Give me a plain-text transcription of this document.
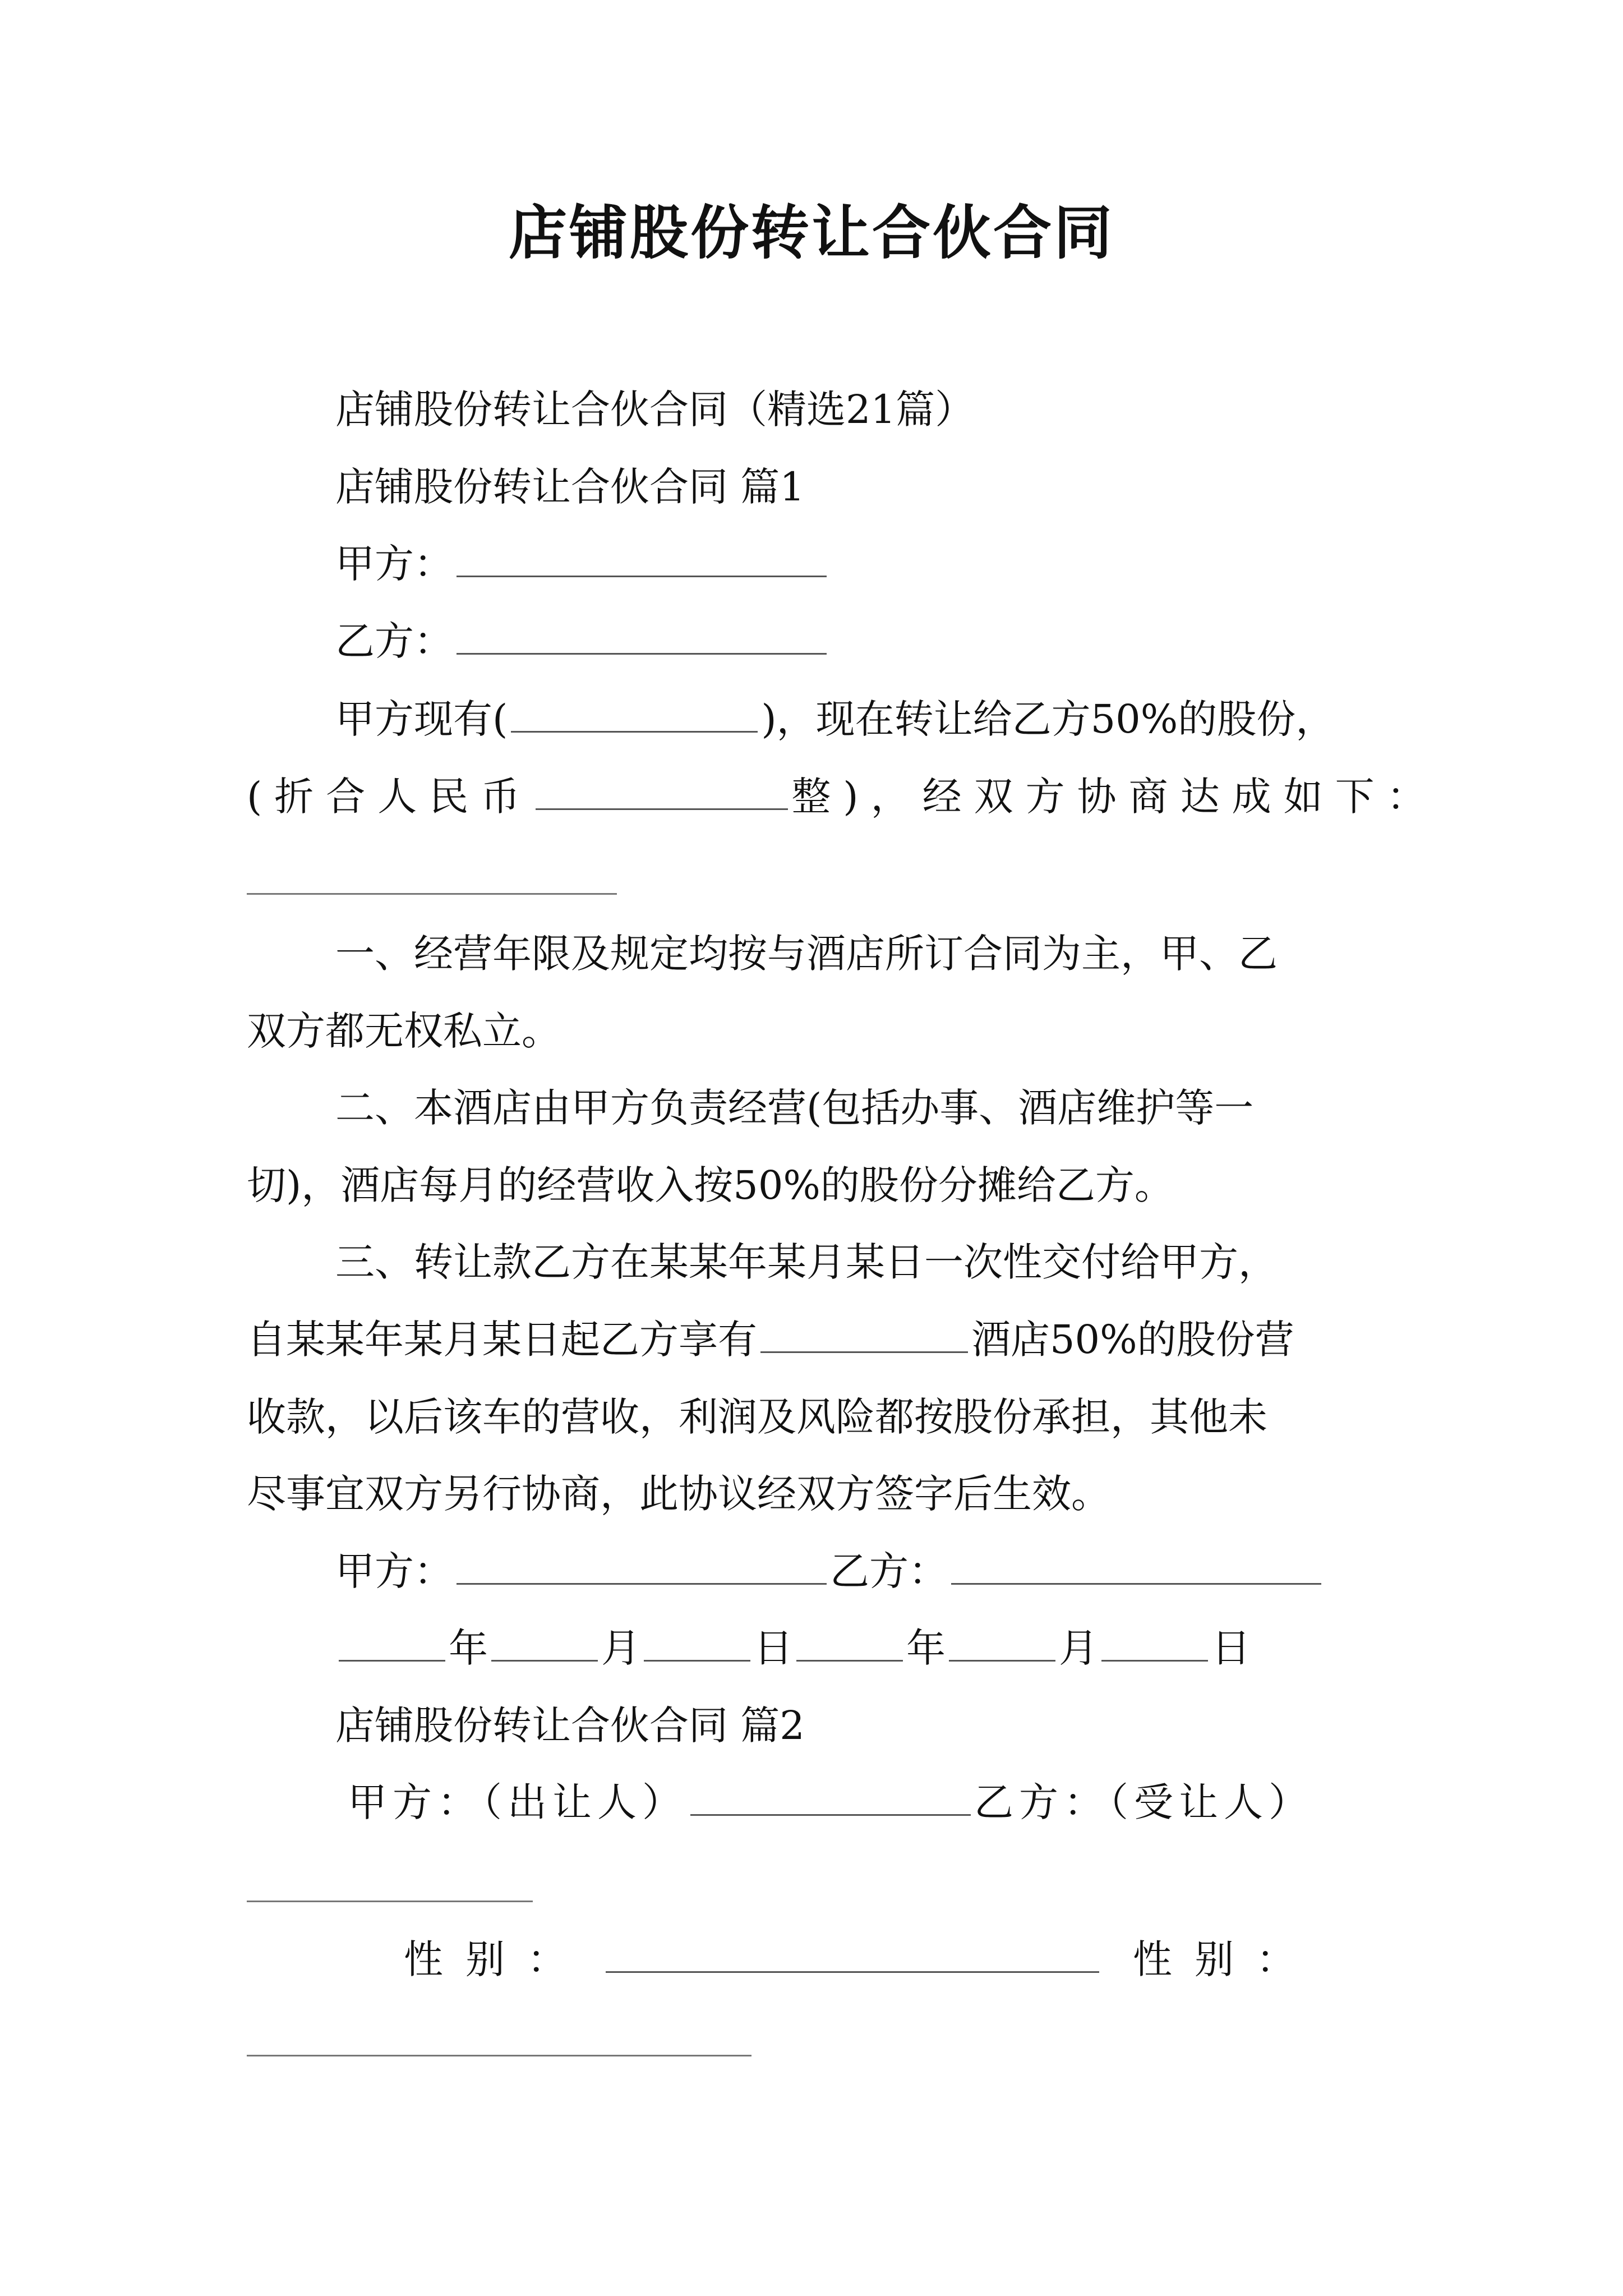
店铺股份转让合伙合同
店铺股份转让合伙合同（精选21篇）
店铺股份转让合伙合同 篇1
甲方：
乙方：
甲方现有(	)，现在转让给乙方50%的股份，
(折合人民币	整)，经双方协商达成如下：
一、经营年限及规定均按与酒店所订合同为主，甲、乙
双方都无权私立。
二、本酒店由甲方负责经营(包括办事、酒店维护等一
切)，酒店每月的经营收入按50%的股份分摊给乙方。
三、转让款乙方在某某年某月某日一次性交付给甲方，
自某某年某月某日起乙方享有	酒店50%的股份营
收款，以后该车的营收，利润及风险都按股份承担，其他未
尽事宜双方另行协商，此协议经双方签字后生效。
甲方：	乙方：
年	月	日	年	月	日
店铺股份转让合伙合同 篇2
甲方：（出让人）	乙方：（受让人）
性别：	性别：
